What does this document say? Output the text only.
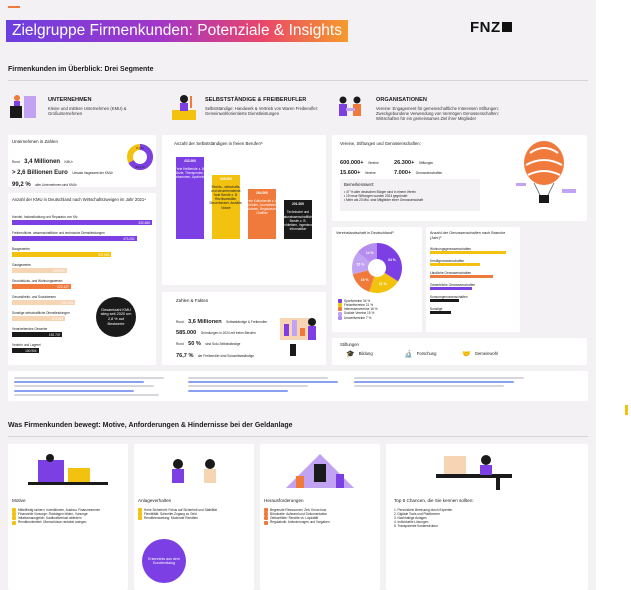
Zielgruppe Firmenkunden: Potenziale & Insights	FNZ
Firmenkunden im Überblick: Drei Segmente
UNTERNEHMEN
Kleine und mittlere Unternehmen (KMU) & Großunternehmen
SELBSTSTÄNDIGE & FREIBERUFLER
Selbstständige: Handwerk & Vertrieb von Waren Freiberufler: Gemeinwohlorientierte Dienstleistungen
ORGANISATIONEN
Vereine: Engagement für gemeinschaftliche Interessen Stiftungen: Zweckgebundene Verwendung von Vermögen Genossenschaften: Wirtschaften für ein gemeinsames Ziel ihrer Mitglieder
Unternehmen in Zahlen
Rund 3,4 Millionen KMU³
> 2,6 Billionen Euro Umsatz insgesamt der KMU³
99,2 % aller Unternehmen sind KMU³
0,7 %
99,3 %
Anzahl der KMU in Deutschland nach Wirtschaftszweigen im Jahr 2021⁴
Handel, Instandhaltung und Reparatur von Kfz
532.865
Freiberufliche, wissenschaftliche und technische Dienstleistungen
473.252
Baugewerbe
379.993
Gastgewerbe
206.819
Grundstücks- und Wohnungswesen
222.127
Gesundheits- und Sozialwesen
241.341
Sonstige wirtschaftliche Dienstleistungen
204.363
Verarbeitendes Gewerbe
192.747
Verkehr und Lagerei
100.904
Gesamtzahl KMU stieg seit 2020 um 2,8 % auf Bestwerte
Anzahl der Selbstständigen in freien Berufen⁵
432.000
Freie Heilberufe z. B. Ärzte, Therapeuten, Hebammen, Apotheker	335.000
Rechts-, wirtschafts- und steuerberatende freie Berufe z. B. Rechtsanwälte, Steuerberater, Anwälte, Notare
264.000
Freie Kulturberufe z. B. Künstler, Journalisten, Autoren, Regisseure, Grafiker
201.000
Technische und naturwissenschaftliche Berufe z. B. Architekten, Ingenieure, Informatiker
Zahlen & Fakten
Rund 3,6 Millionen Selbstständige & Freiberufler
585.000 Gründungen in 2024 mit freien Berufen
Rund 50 % sind Solo-Selbstständige
76,7 % der Freiberufler sind Soloselbstständige
Vereine, Stiftungen und Genossenschaften:
600.000+ Vereine	26.300+ Stiftungen
15.600+ Vereine	7.000+ Genossenschaften
Bemerkenswert:
• 47 % aller deutschen Bürger sind in einem Verein
• 19 neue Stiftungen wurden 2024 gegründet
• Mehr als 23 Mio. sind Mitglieder einer Genossenschaft
Vereinslandschaft in Deutschland⁸
34 %
21 %
16 %
15 %
14 %
Sportvereine 34 %
Freizeitvereine 21 %
Interessenvereine 16 %
Soziale Vereine 15 %
Umweltvereine 7 %
Anzahl der Genossenschaften nach Branche (Jahr)⁹
Wohnungsgenossenschaften
Kreditgenossenschaften
Ländliche Genossenschaften
Gewerbliche Genossenschaften
Konsumgenossenschaften
Sonstige
Stiftungen
🎓 Bildung	🔬 Forschung	🤝 Gemeinwohl
Was Firmenkunden bewegt: Motive, Anforderungen & Hindernisse bei der Geldanlage
Motive
Mittelfristig sichern: Investitionen, Ausbau, Finanzreserven
Finanzielle Vorsorge: Rücklagen bilden, Vorsorge
Inflationsausgleich: Kaufkraftverlust abfedern
Renditeorientiert: Überschüsse rentabel anlegen
Anlageverhalten
Hohe Sicherheit: Fokus auf Sicherheit und Stabilität
Flexibilität: Schneller Zugang zu Geld
Renditeerwartung: Moderate Renditen
Erkenntnis aus dem Kundendialog
Herausforderungen
Begrenzte Ressourcen: Zeit, Know-how
Bürokratie: Aufwand und Dokumentation
Zielkonflikte: Rendite vs. Liquidität
Regulatorik: Anforderungen und Vorgaben
Top 5 Chancen, die Sie kennen sollten:
1. Persönliche Betreuung durch Experten
2. Digitale Tools und Plattformen
3. Nachhaltige Anlagen
4. Individuelle Lösungen
5. Transparente Kostenstruktur
